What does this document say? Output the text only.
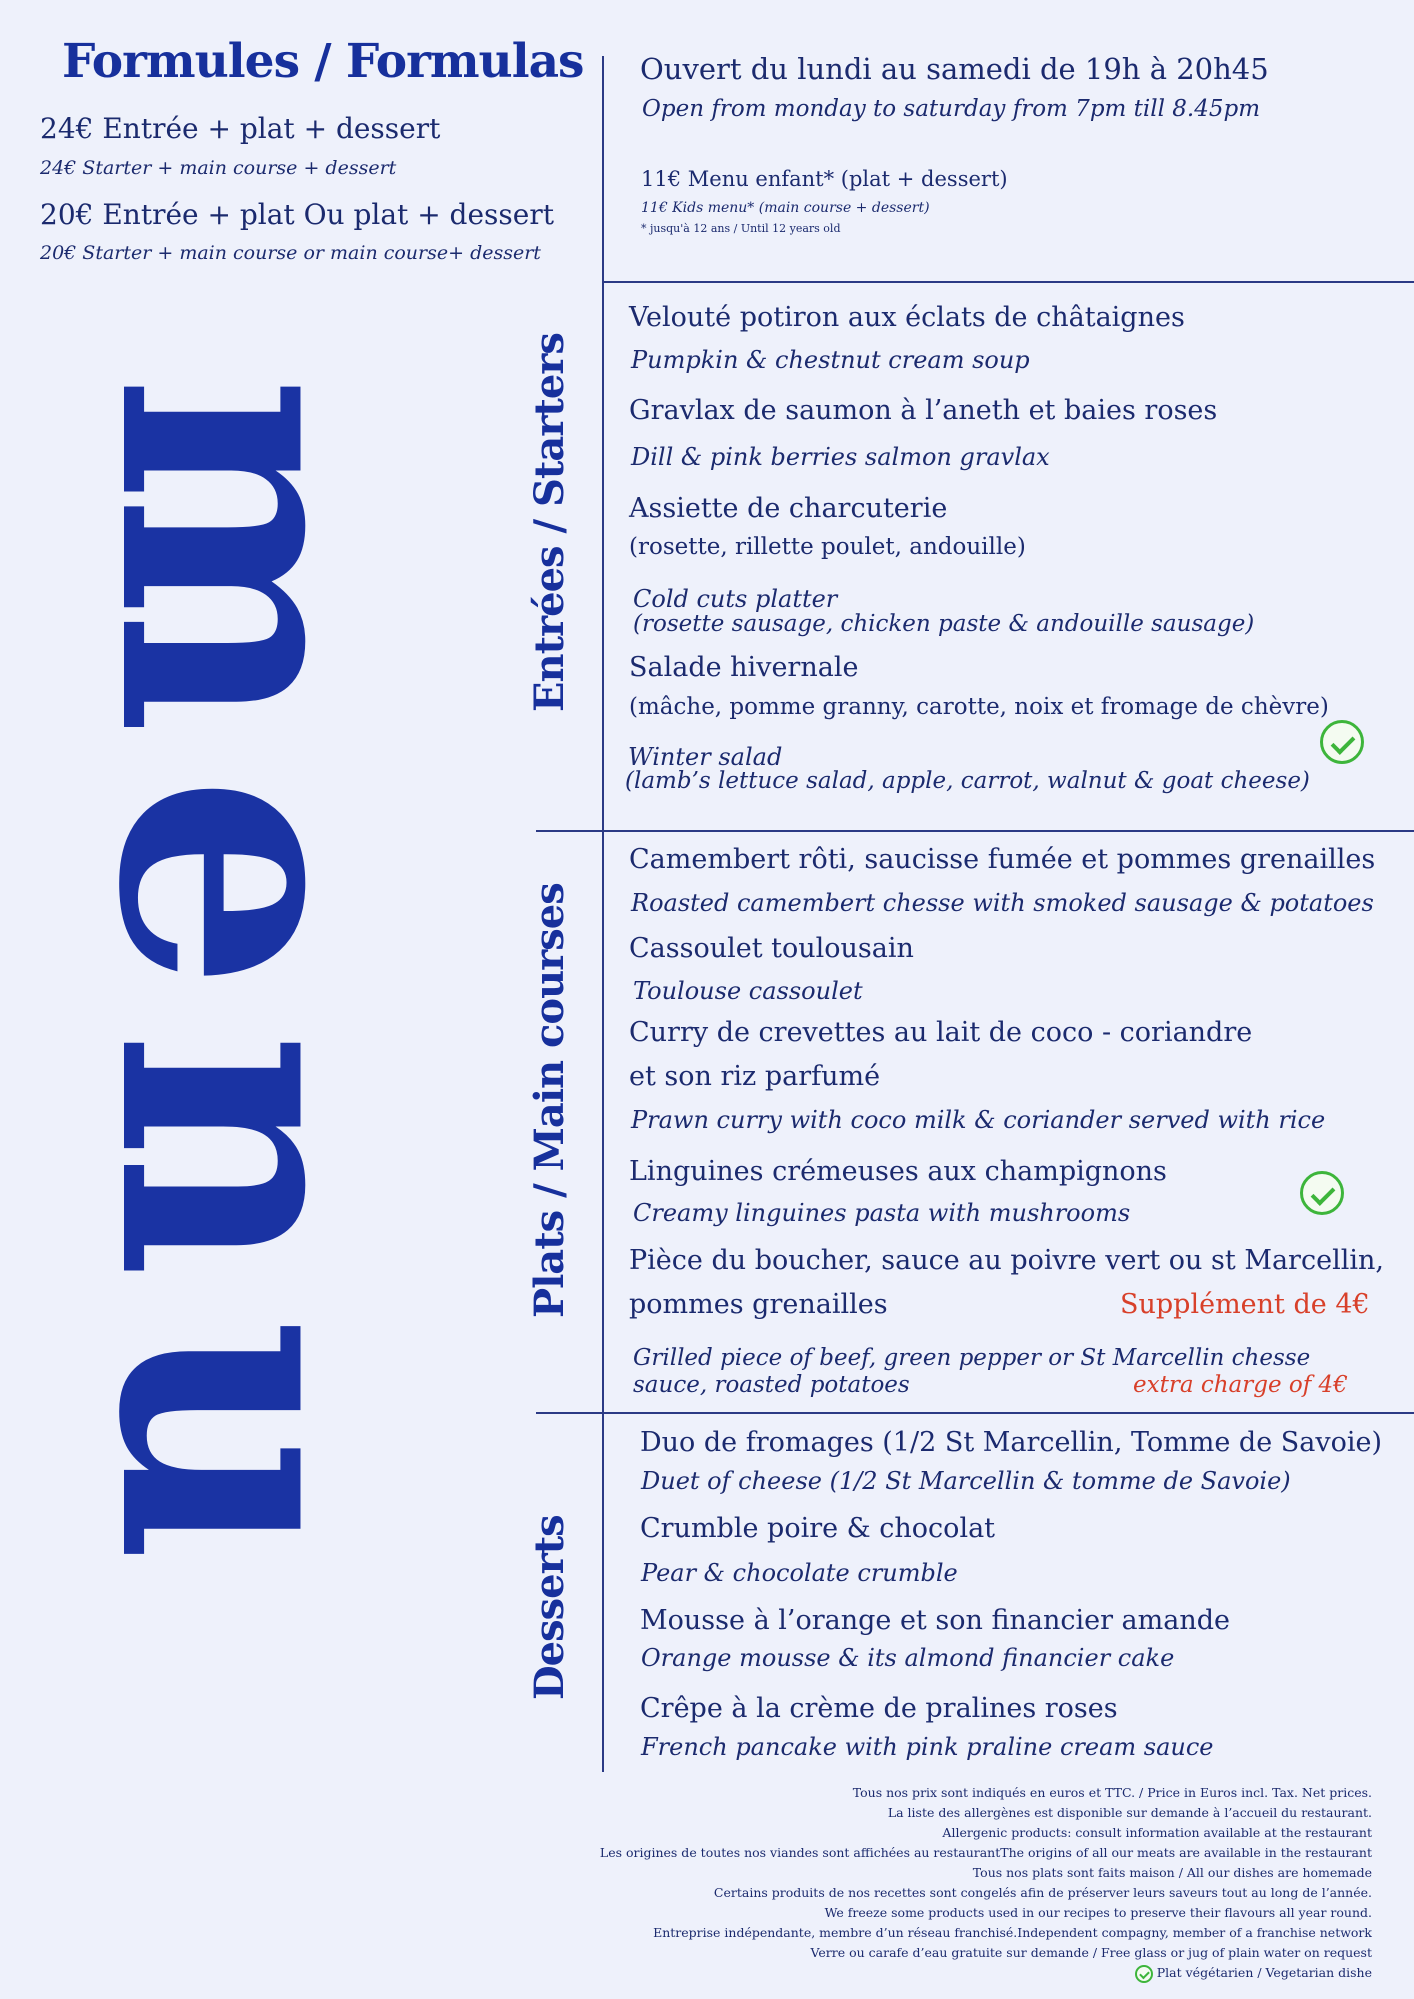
Formules / Formulas
24€ Entrée + plat + dessert
24€ Starter + main course + dessert
20€ Entrée + plat Ou plat + dessert
20€ Starter + main course or main course+ dessert
Ouvert du lundi au samedi de 19h à 20h45
Open from monday to saturday from 7pm till 8.45pm
11€ Menu enfant* (plat + dessert)
11€ Kids menu* (main course + dessert)
* jusqu'à 12 ans / Until 12 years old
menu Entrées / Starters
Plats / Main courses
Desserts
Velouté potiron aux éclats de châtaignes
Pumpkin & chestnut cream soup
Gravlax de saumon à l’aneth et baies roses
Dill & pink berries salmon gravlax
Assiette de charcuterie
(rosette, rillette poulet, andouille)
Cold cuts platter
(rosette sausage, chicken paste & andouille sausage)
Salade hivernale
(mâche, pomme granny, carotte, noix et fromage de chèvre)
Winter salad
(lamb’s lettuce salad, apple, carrot, walnut & goat cheese)
Camembert rôti, saucisse fumée et pommes grenailles
Roasted camembert chesse with smoked sausage & potatoes
Cassoulet toulousain
Toulouse cassoulet
Curry de crevettes au lait de coco - coriandre
et son riz parfumé
Prawn curry with coco milk & coriander served with rice
Linguines crémeuses aux champignons
Creamy linguines pasta with mushrooms
Pièce du boucher, sauce au poivre vert ou st Marcellin,
pommes grenailles	Supplément de 4€
Grilled piece of beef, green pepper or St Marcellin chesse
sauce, roasted potatoes	extra charge of 4€
Duo de fromages (1/2 St Marcellin, Tomme de Savoie)
Duet of cheese (1/2 St Marcellin & tomme de Savoie)
Crumble poire & chocolat
Pear & chocolate crumble
Mousse à l’orange et son financier amande
Orange mousse & its almond financier cake
Crêpe à la crème de pralines roses
French pancake with pink praline cream sauce
Tous nos prix sont indiqués en euros et TTC. / Price in Euros incl. Tax. Net prices.
La liste des allergènes est disponible sur demande à l’accueil du restaurant.
Allergenic products: consult information available at the restaurant
Les origines de toutes nos viandes sont affichées au restaurantThe origins of all our meats are available in the restaurant
Tous nos plats sont faits maison / All our dishes are homemade
Certains produits de nos recettes sont congelés afin de préserver leurs saveurs tout au long de l’année.
We freeze some products used in our recipes to preserve their flavours all year round.
Entreprise indépendante, membre d’un réseau franchisé.Independent compagny, member of a franchise network
Verre ou carafe d’eau gratuite sur demande / Free glass or jug of plain water on request
Plat végétarien / Vegetarian dishe
